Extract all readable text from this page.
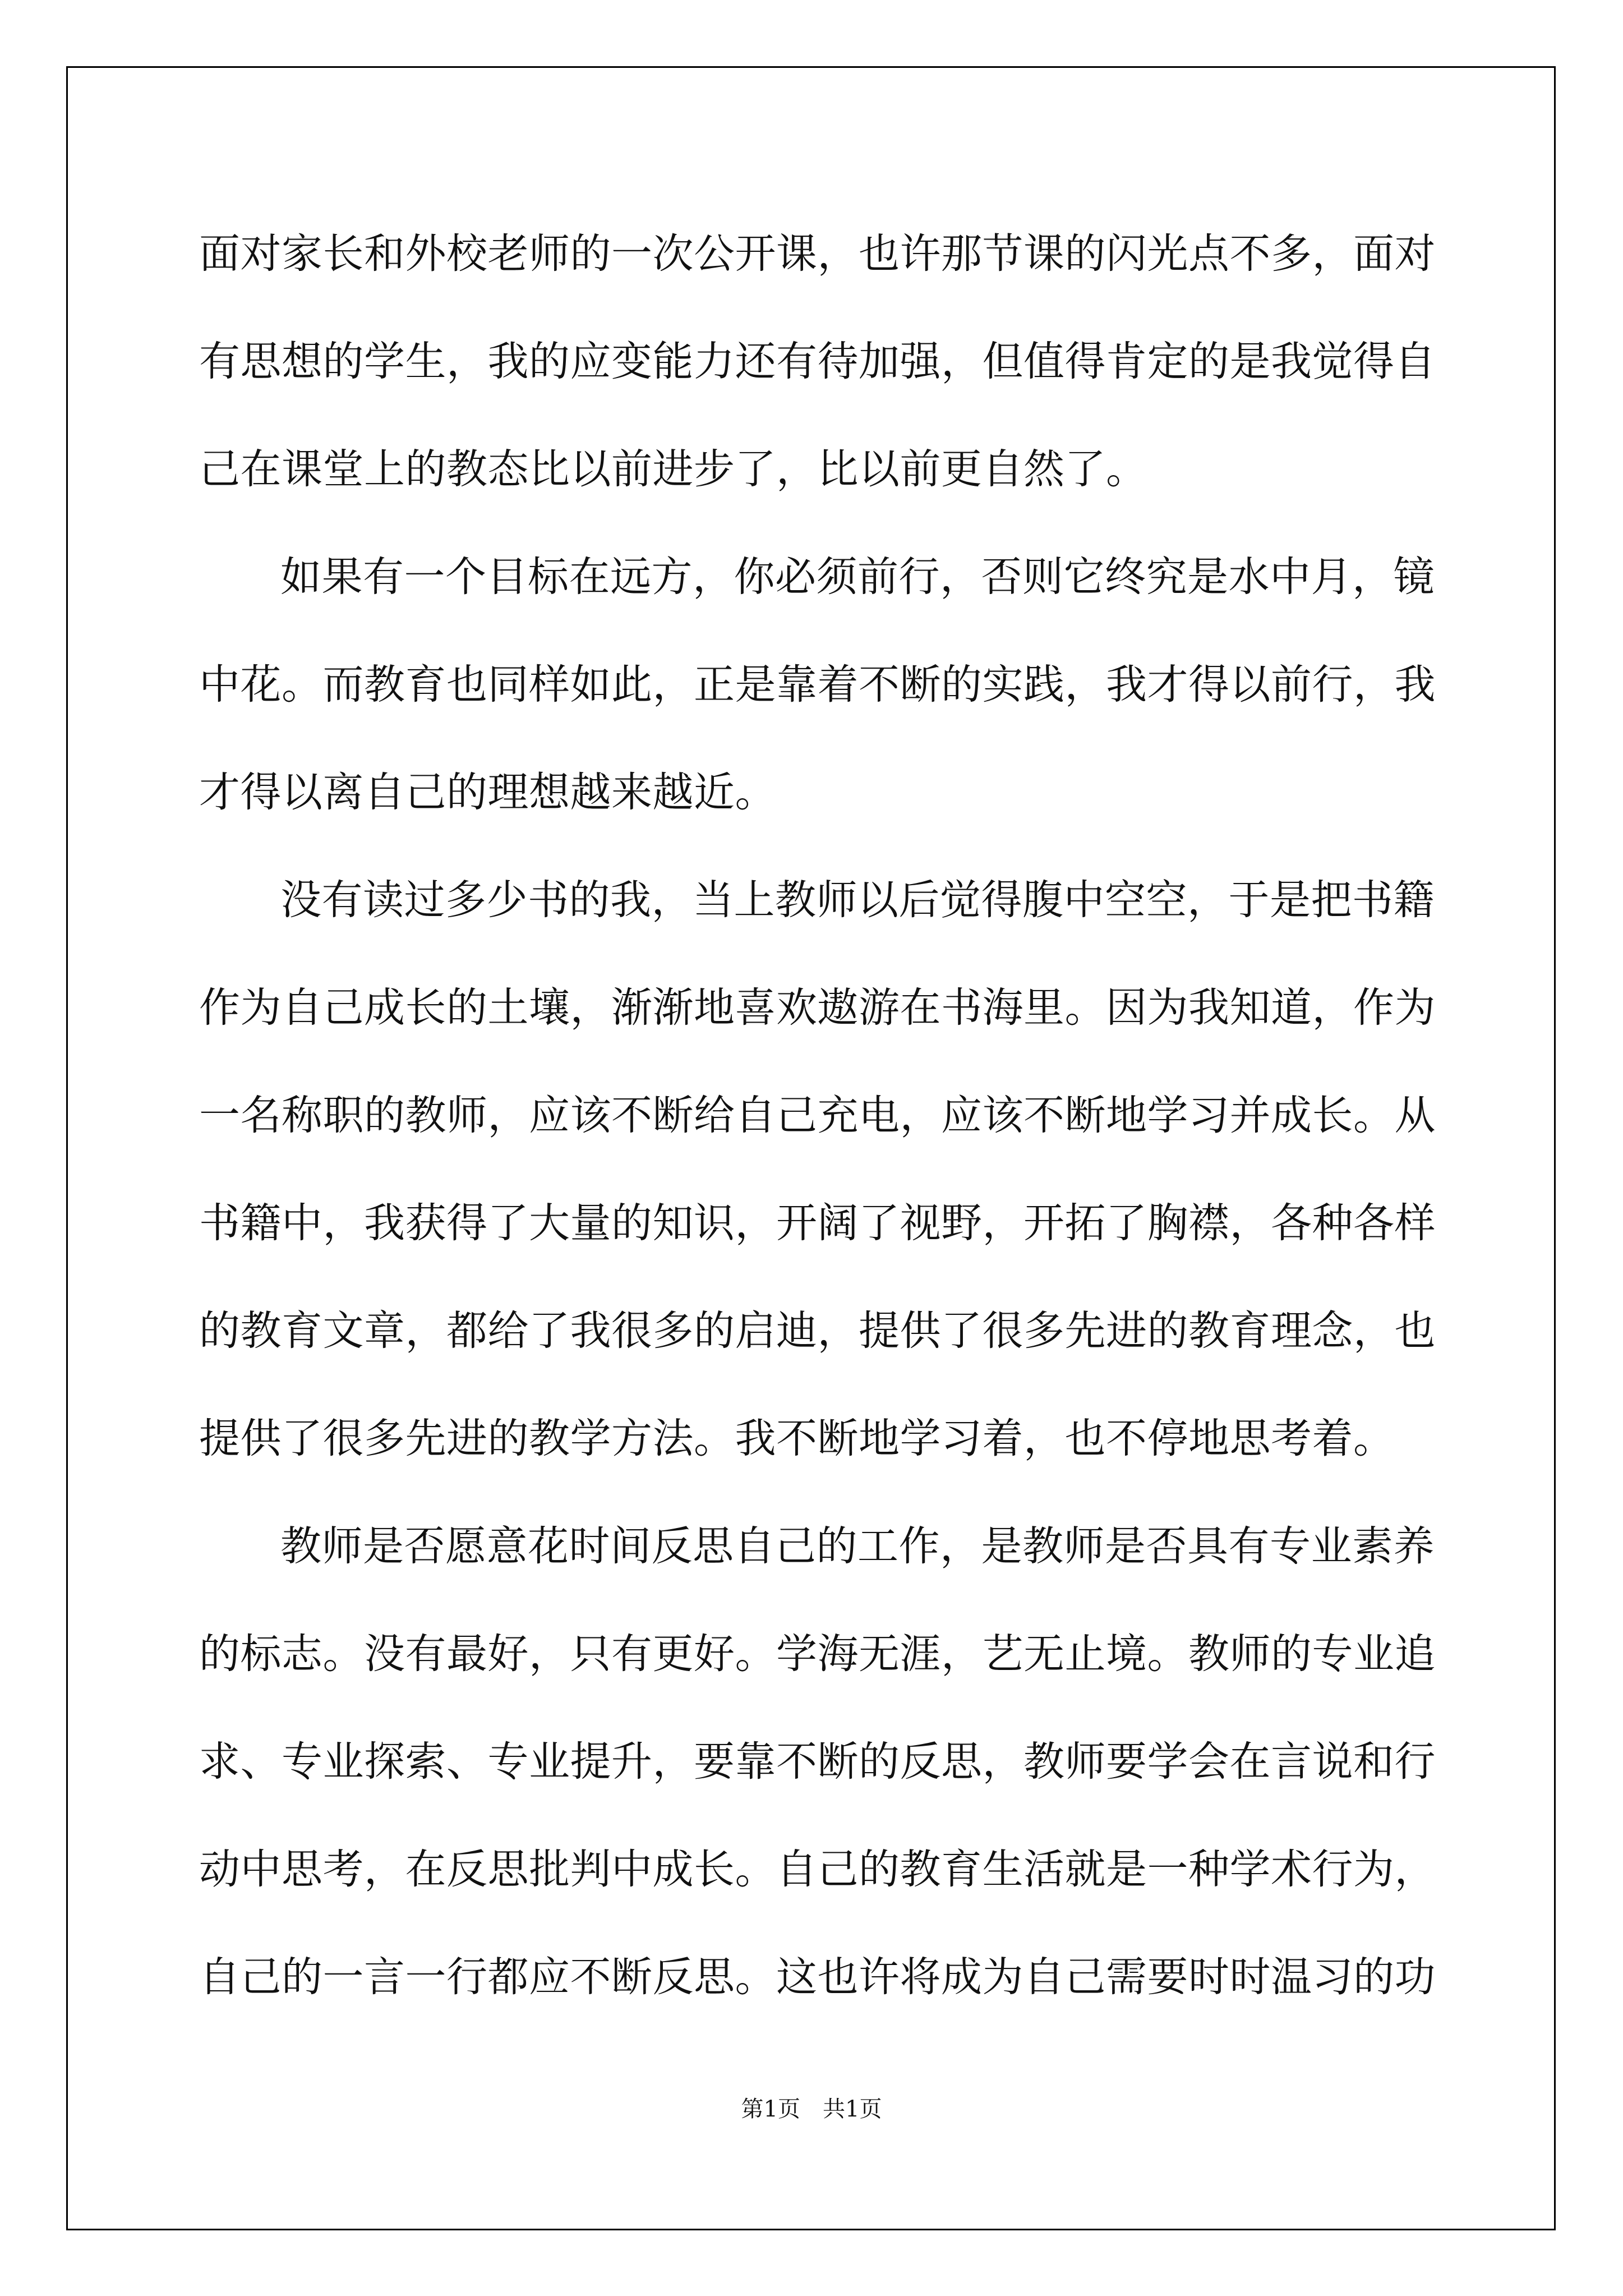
面对家长和外校老师的一次公开课，也许那节课的闪光点不多，面对
有思想的学生，我的应变能力还有待加强，但值得肯定的是我觉得自
己在课堂上的教态比以前进步了，比以前更自然了。
如果有一个目标在远方，你必须前行，否则它终究是水中月，镜
中花。而教育也同样如此，正是靠着不断的实践，我才得以前行，我
才得以离自己的理想越来越近。
没有读过多少书的我，当上教师以后觉得腹中空空，于是把书籍
作为自己成长的土壤，渐渐地喜欢遨游在书海里。因为我知道，作为
一名称职的教师，应该不断给自己充电，应该不断地学习并成长。从
书籍中，我获得了大量的知识，开阔了视野，开拓了胸襟，各种各样
的教育文章，都给了我很多的启迪，提供了很多先进的教育理念，也
提供了很多先进的教学方法。我不断地学习着，也不停地思考着。
教师是否愿意花时间反思自己的工作，是教师是否具有专业素养
的标志。没有最好，只有更好。学海无涯，艺无止境。教师的专业追
求、专业探索、专业提升，要靠不断的反思，教师要学会在言说和行
动中思考，在反思批判中成长。自己的教育生活就是一种学术行为，
自己的一言一行都应不断反思。这也许将成为自己需要时时温习的功
第1页　共1页
